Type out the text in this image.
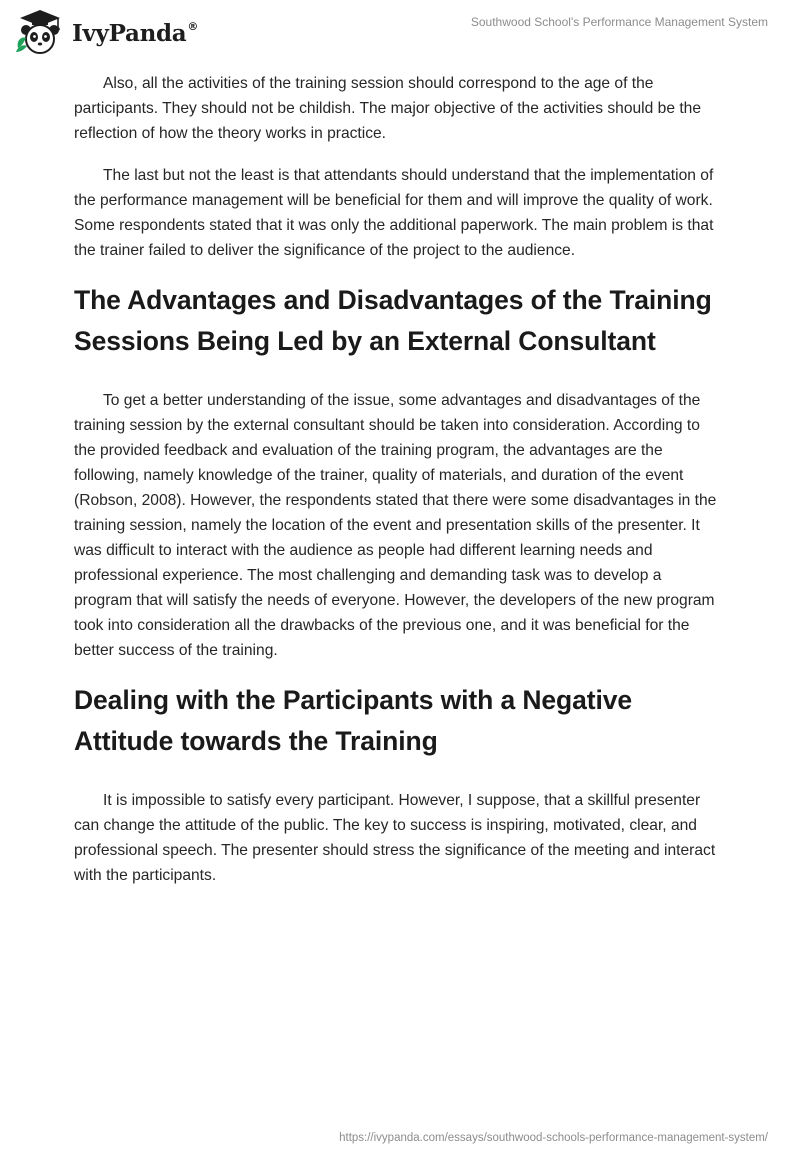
IvyPanda®	Southwood School's Performance Management System

Also, all the activities of the training session should correspond to the age of the participants. They should not be childish. The major objective of the activities should be the reflection of how the theory works in practice.

The last but not the least is that attendants should understand that the implementation of the performance management will be beneficial for them and will improve the quality of work. Some respondents stated that it was only the additional paperwork. The main problem is that the trainer failed to deliver the significance of the project to the audience.

The Advantages and Disadvantages of the Training Sessions Being Led by an External Consultant

To get a better understanding of the issue, some advantages and disadvantages of the training session by the external consultant should be taken into consideration. According to the provided feedback and evaluation of the training program, the advantages are the following, namely knowledge of the trainer, quality of materials, and duration of the event (Robson, 2008). However, the respondents stated that there were some disadvantages in the training session, namely the location of the event and presentation skills of the presenter. It was difficult to interact with the audience as people had different learning needs and professional experience. The most challenging and demanding task was to develop a program that will satisfy the needs of everyone. However, the developers of the new program took into consideration all the drawbacks of the previous one, and it was beneficial for the better success of the training.

Dealing with the Participants with a Negative Attitude towards the Training

It is impossible to satisfy every participant. However, I suppose, that a skillful presenter can change the attitude of the public. The key to success is inspiring, motivated, clear, and professional speech. The presenter should stress the significance of the meeting and interact with the participants.

https://ivypanda.com/essays/southwood-schools-performance-management-system/
